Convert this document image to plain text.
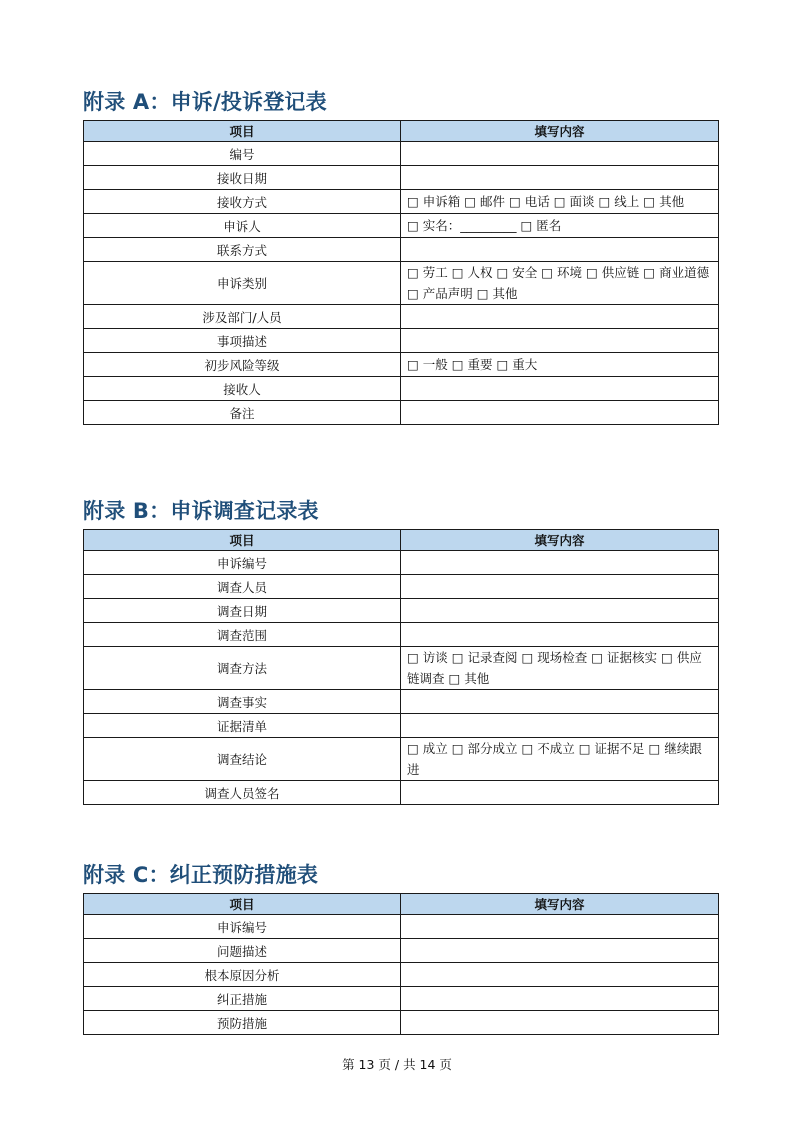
附录 A：申诉/投诉登记表
项目	填写内容
编号	
接收日期	
接收方式	□ 申诉箱 □ 邮件 □ 电话 □ 面谈 □ 线上 □ 其他
申诉人	□ 实名：_________ □ 匿名
联系方式	
申诉类别	□ 劳工 □ 人权 □ 安全 □ 环境 □ 供应链 □ 商业道德 □ 产品声明 □ 其他
涉及部门/人员	
事项描述	
初步风险等级	□ 一般 □ 重要 □ 重大
接收人	
备注	
附录 B：申诉调查记录表
项目	填写内容
申诉编号	
调查人员	
调查日期	
调查范围	
调查方法	□ 访谈 □ 记录查阅 □ 现场检查 □ 证据核实 □ 供应链调查 □ 其他
调查事实	
证据清单	
调查结论	□ 成立 □ 部分成立 □ 不成立 □ 证据不足 □ 继续跟进
调查人员签名	
附录 C：纠正预防措施表
项目	填写内容
申诉编号	
问题描述	
根本原因分析	
纠正措施	
预防措施	
第 13 页 / 共 14 页
